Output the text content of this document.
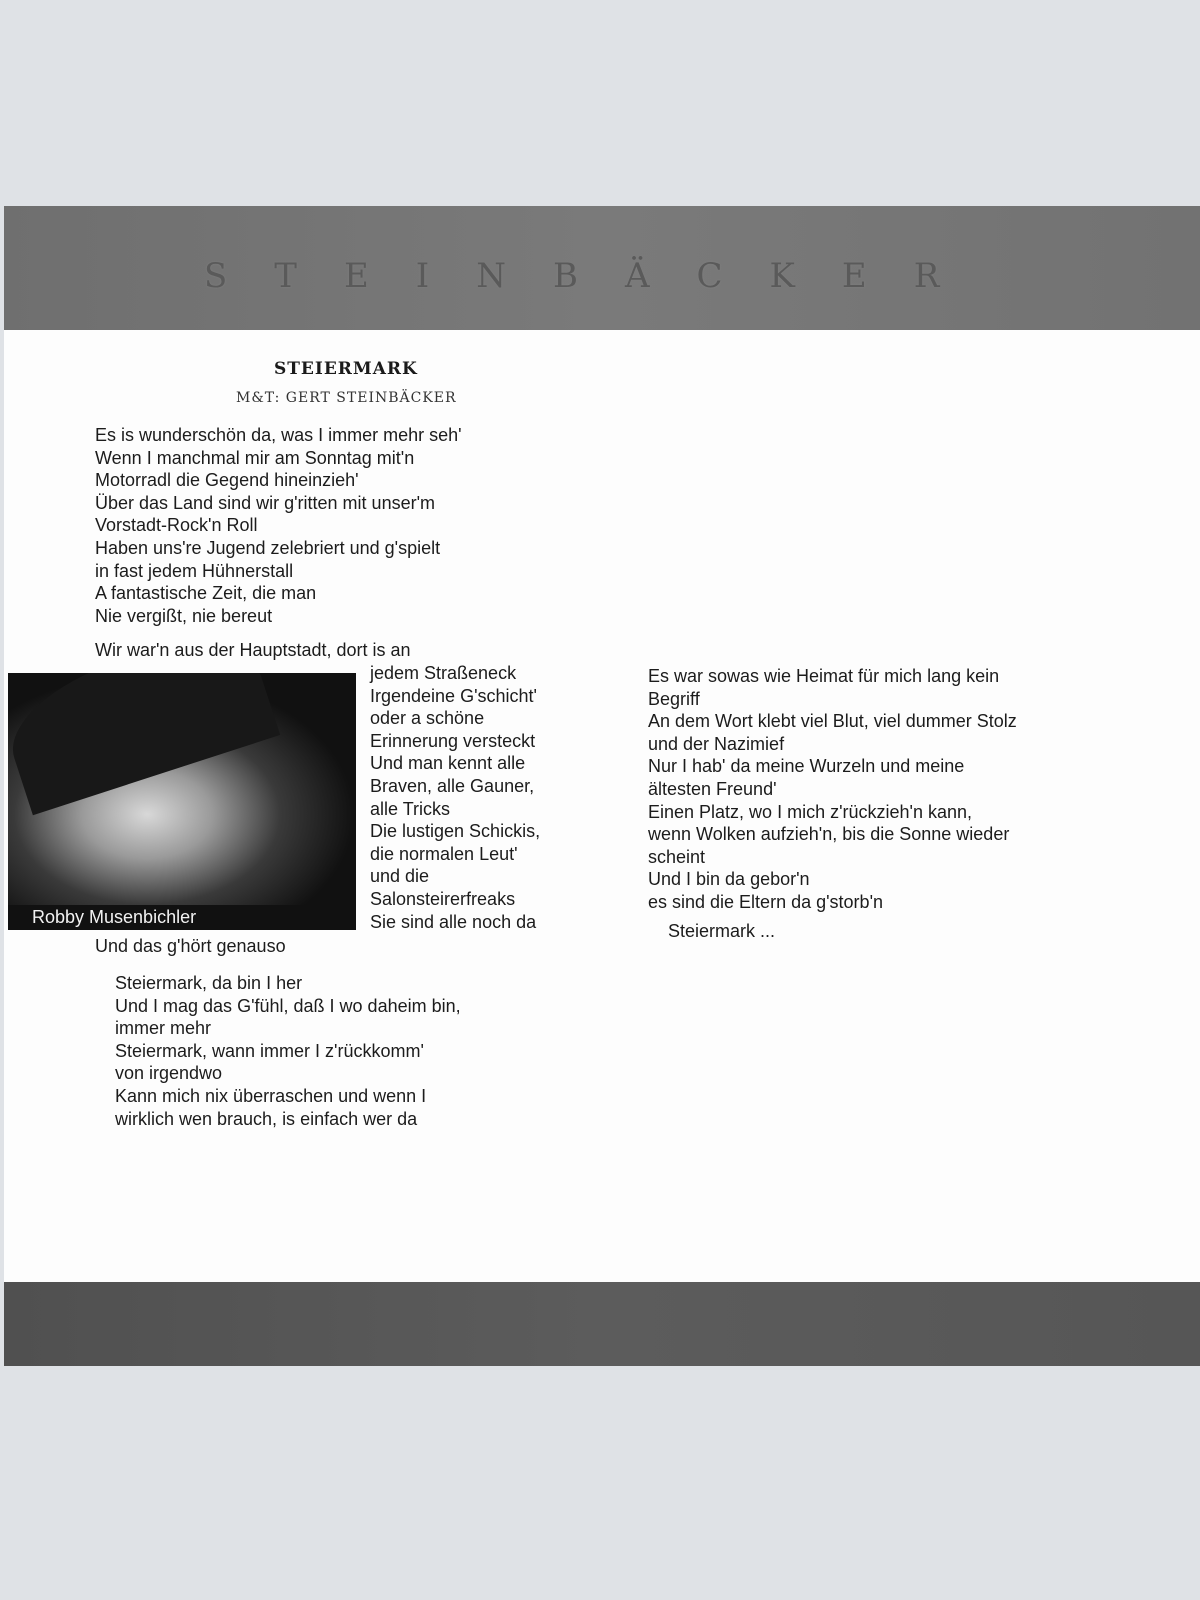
STEINBÄCKER
STEIERMARK
M&T: GERT STEINBÄCKER
Es is wunderschön da, was I immer mehr seh'
Wenn I manchmal mir am Sonntag mit'n
Motorradl die Gegend hineinzieh'
Über das Land sind wir g'ritten mit unser'm
Vorstadt-Rock'n Roll
Haben uns're Jugend zelebriert und g'spielt
in fast jedem Hühnerstall
A fantastische Zeit, die man
Nie vergißt, nie bereut
Wir war'n aus der Hauptstadt, dort is an
jedem Straßeneck
Irgendeine G'schicht'
oder a schöne
Erinnerung versteckt
Und man kennt alle
Braven, alle Gauner,
alle Tricks
Die lustigen Schickis,
die normalen Leut'
und die
Salonsteirerfreaks
Sie sind alle noch da
Robby Musenbichler
Und das g'hört genauso
Steiermark, da bin I her
Und I mag das G'fühl, daß I wo daheim bin,
immer mehr
Steiermark, wann immer I z'rückkomm'
von irgendwo
Kann mich nix überraschen und wenn I
wirklich wen brauch, is einfach wer da
Es war sowas wie Heimat für mich lang kein
Begriff
An dem Wort klebt viel Blut, viel dummer Stolz
und der Nazimief
Nur I hab' da meine Wurzeln und meine
ältesten Freund'
Einen Platz, wo I mich z'rückzieh'n kann,
wenn Wolken aufzieh'n, bis die Sonne wieder
scheint
Und I bin da gebor'n
es sind die Eltern da g'storb'n
Steiermark ...
